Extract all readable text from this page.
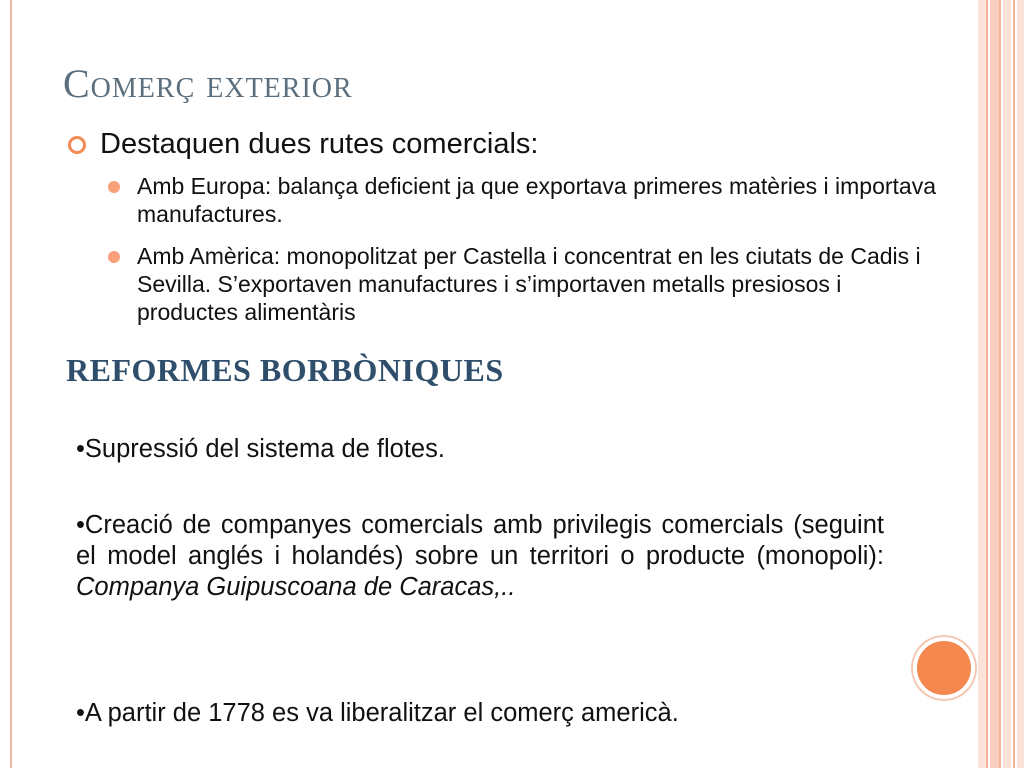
Comerç exterior
Destaquen dues rutes comercials:
Amb Europa: balança deficient ja que exportava primeres matèries i importava manufactures.
Amb Amèrica: monopolitzat per Castella i concentrat en les ciutats de Cadis i Sevilla. S’exportaven manufactures i s’importaven metalls presiosos i productes alimentàris
REFORMES BORBÒNIQUES
•Supressió del sistema de flotes.
•Creació de companyes comercials amb privilegis comercials (seguint el model anglés i holandés) sobre un territori o producte (monopoli): Companya Guipuscoana de Caracas,..
•A partir de 1778 es va liberalitzar el comerç americà.
